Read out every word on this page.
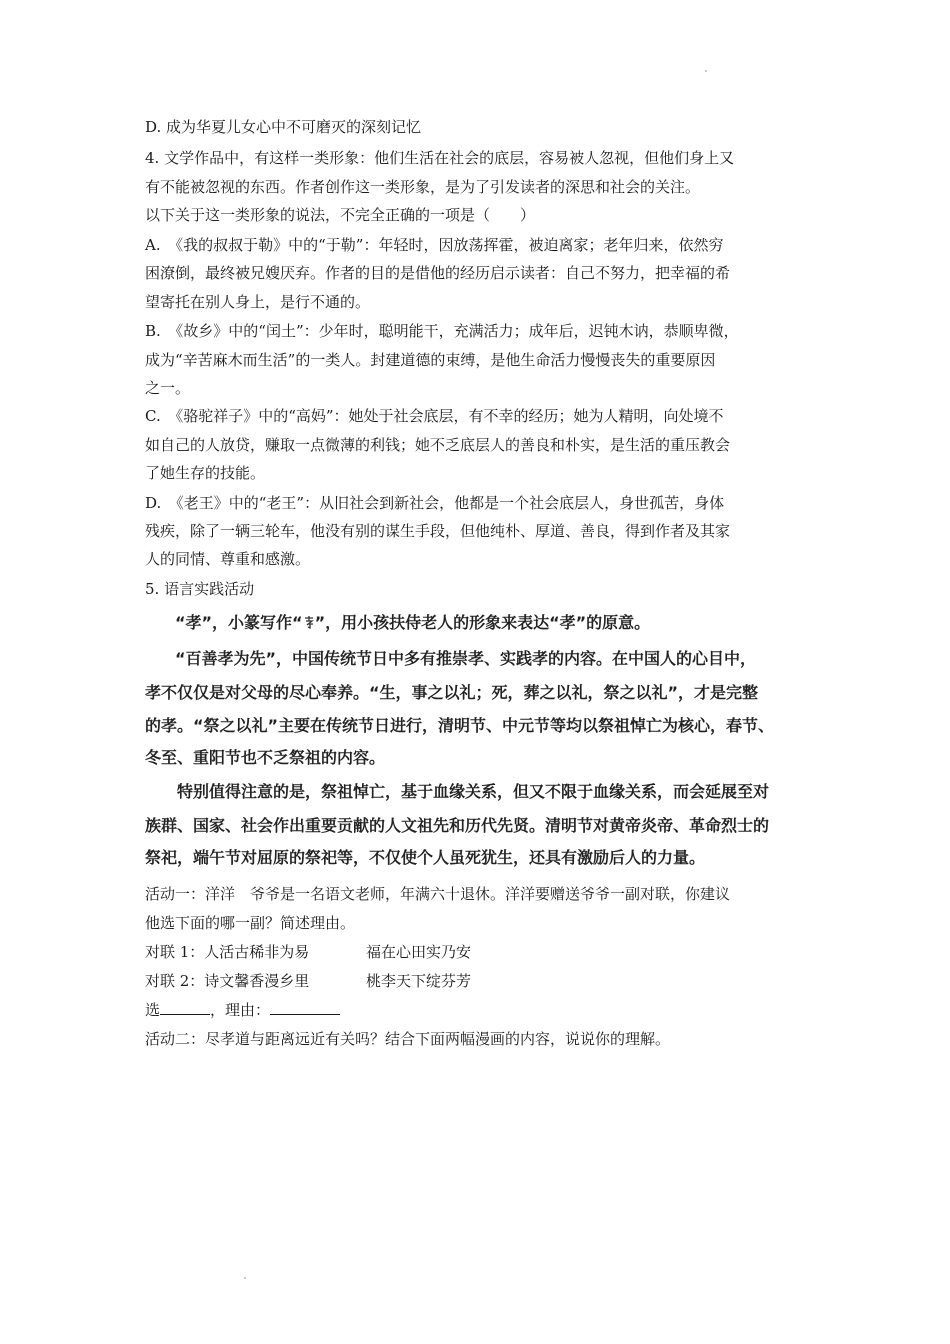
D. 成为华夏儿女心中不可磨灭的深刻记忆
4. 文学作品中，有这样一类形象：他们生活在社会的底层，容易被人忽视，但他们身上又
有不能被忽视的东西。作者创作这一类形象，是为了引发读者的深思和社会的关注。
以下关于这一类形象的说法，不完全正确的一项是（　　）
A.　《我的叔叔于勒》中的“于勒”：年轻时，因放荡挥霍，被迫离家；老年归来，依然穷
困潦倒，最终被兄嫂厌弃。作者的目的是借他的经历启示读者：自己不努力，把幸福的希
望寄托在别人身上，是行不通的。
B.　《故乡》中的“闰土”：少年时，聪明能干，充满活力；成年后，迟钝木讷，恭顺卑微，
成为“辛苦麻木而生活”的一类人。封建道德的束缚，是他生命活力慢慢丧失的重要原因
之一。
C.　《骆驼祥子》中的“高妈”：她处于社会底层，有不幸的经历；她为人精明，向处境不
如自己的人放贷，赚取一点微薄的利钱；她不乏底层人的善良和朴实，是生活的重压教会
了她生存的技能。
D.　《老王》中的“老王”：从旧社会到新社会，他都是一个社会底层人，身世孤苦，身体
残疾，除了一辆三轮车，他没有别的谋生手段，但他纯朴、厚道、善良，得到作者及其家
人的同情、尊重和感激。
5. 语言实践活动
“孝”，小篆写作“ ”，用小孩扶侍老人的形象来表达“孝”的原意。
“百善孝为先”，中国传统节日中多有推崇孝、实践孝的内容。在中国人的心目中，
孝不仅仅是对父母的尽心奉养。“生，事之以礼；死，葬之以礼，祭之以礼”，才是完整
的孝。“祭之以礼”主要在传统节日进行，清明节、中元节等均以祭祖悼亡为核心，春节、
冬至、重阳节也不乏祭祖的内容。
特别值得注意的是，祭祖悼亡，基于血缘关系，但又不限于血缘关系，而会延展至对
族群、国家、社会作出重要贡献的人文祖先和历代先贤。清明节对黄帝炎帝、革命烈士的
祭祀，端午节对屈原的祭祀等，不仅使个人虽死犹生，还具有激励后人的力量。
活动一：洋洋　爷爷是一名语文老师，年满六十退休。洋洋要赠送爷爷一副对联，你建议
他选下面的哪一副？简述理由。
对联 1：人活古稀非为易	福在心田实乃安
对联 2：诗文馨香漫乡里	桃李天下绽芬芳
选	，理由：
活动二：尽孝道与距离远近有关吗？结合下面两幅漫画的内容，说说你的理解。
